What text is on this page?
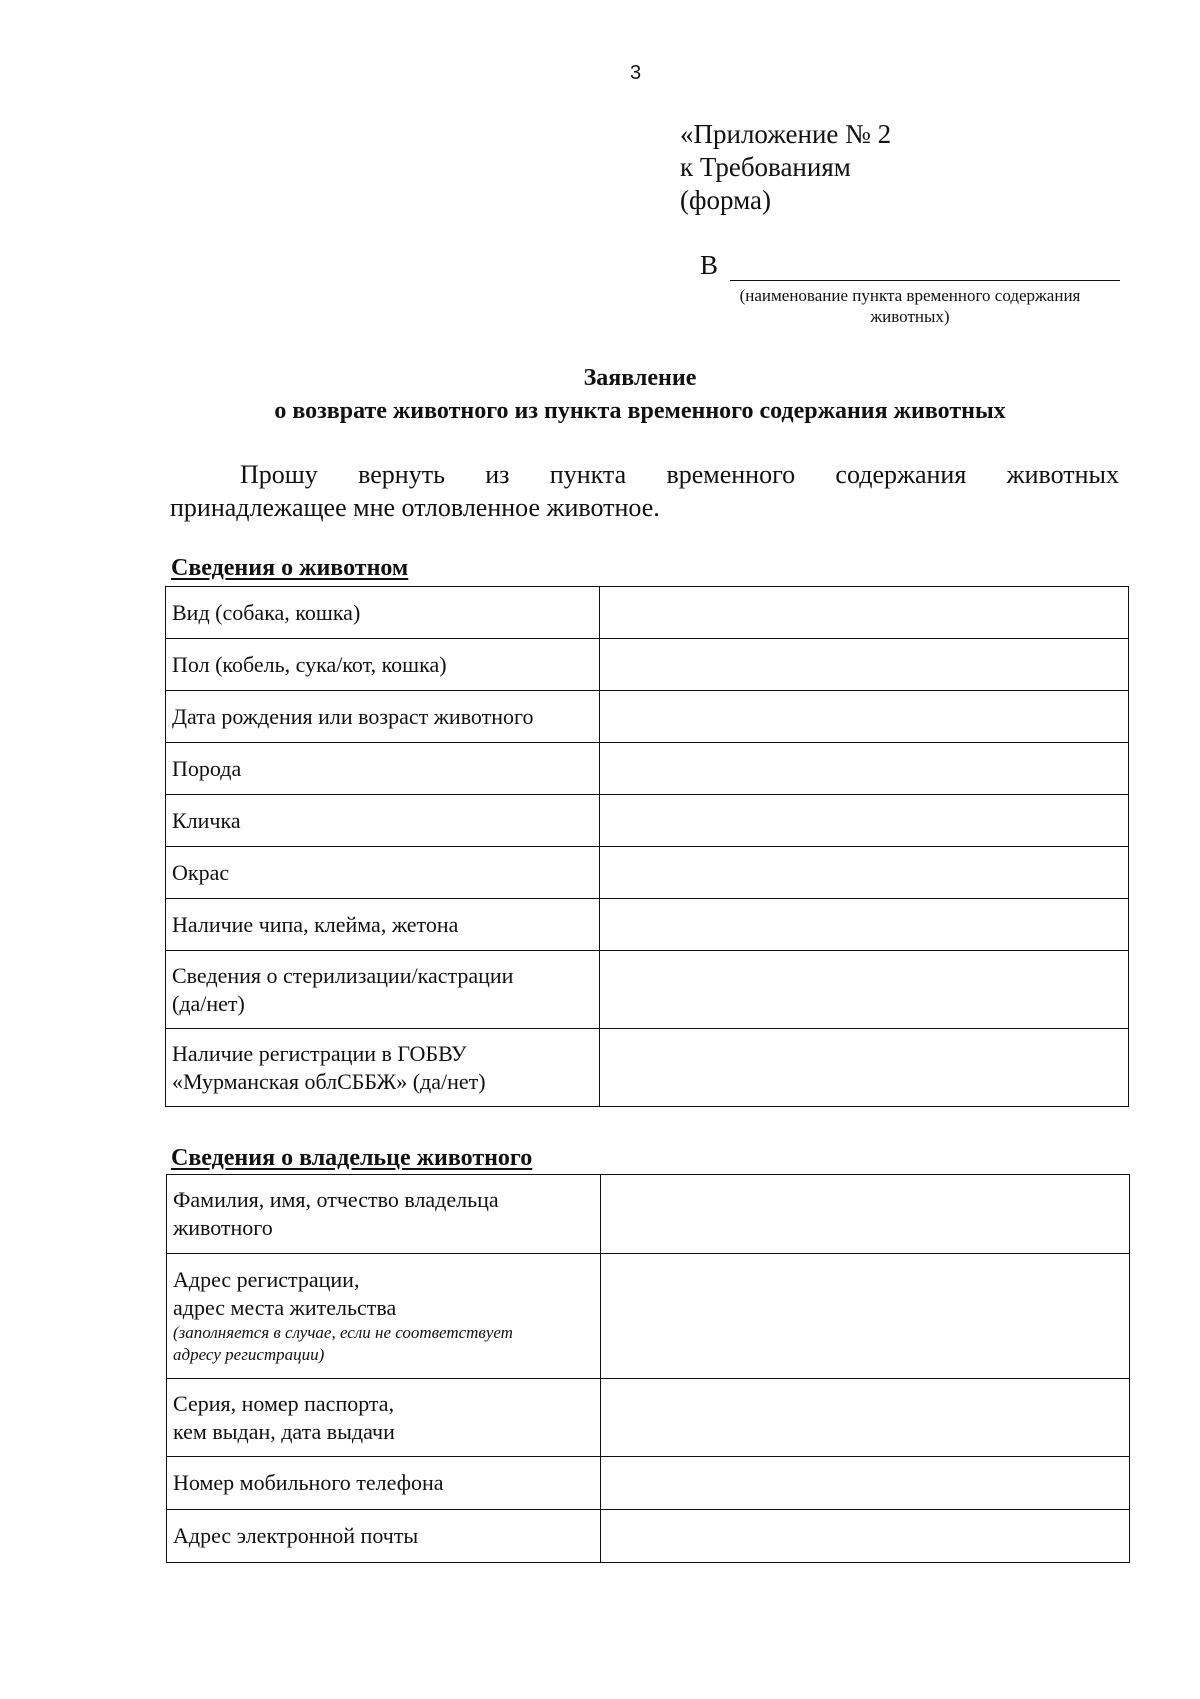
3
«Приложение № 2
к Требованиям
(форма)
В
(наименование пункта временного содержания
животных)
Заявление
о возврате животного из пункта временного содержания животных
Прошу вернуть из пункта временного содержания животных
принадлежащее мне отловленное животное.
Сведения о животном
Вид (собака, кошка)	

Пол (кобель, сука/кот, кошка)	

Дата рождения или возраст животного	

Порода	

Кличка	

Окрас	

Наличие чипа, клейма, жетона	

Сведения о стерилизации/кастрации
(да/нет)	

Наличие регистрации в ГОБВУ
«Мурманская облСББЖ» (да/нет)	

Сведения о владельце животного
Фамилия, имя, отчество владельца
животного	

Адрес регистрации,
адрес места жительства
(заполняется в случае, если не соответствует
адресу регистрации)	

Серия, номер паспорта,
кем выдан, дата выдачи	

Номер мобильного телефона	

Адрес электронной почты	
